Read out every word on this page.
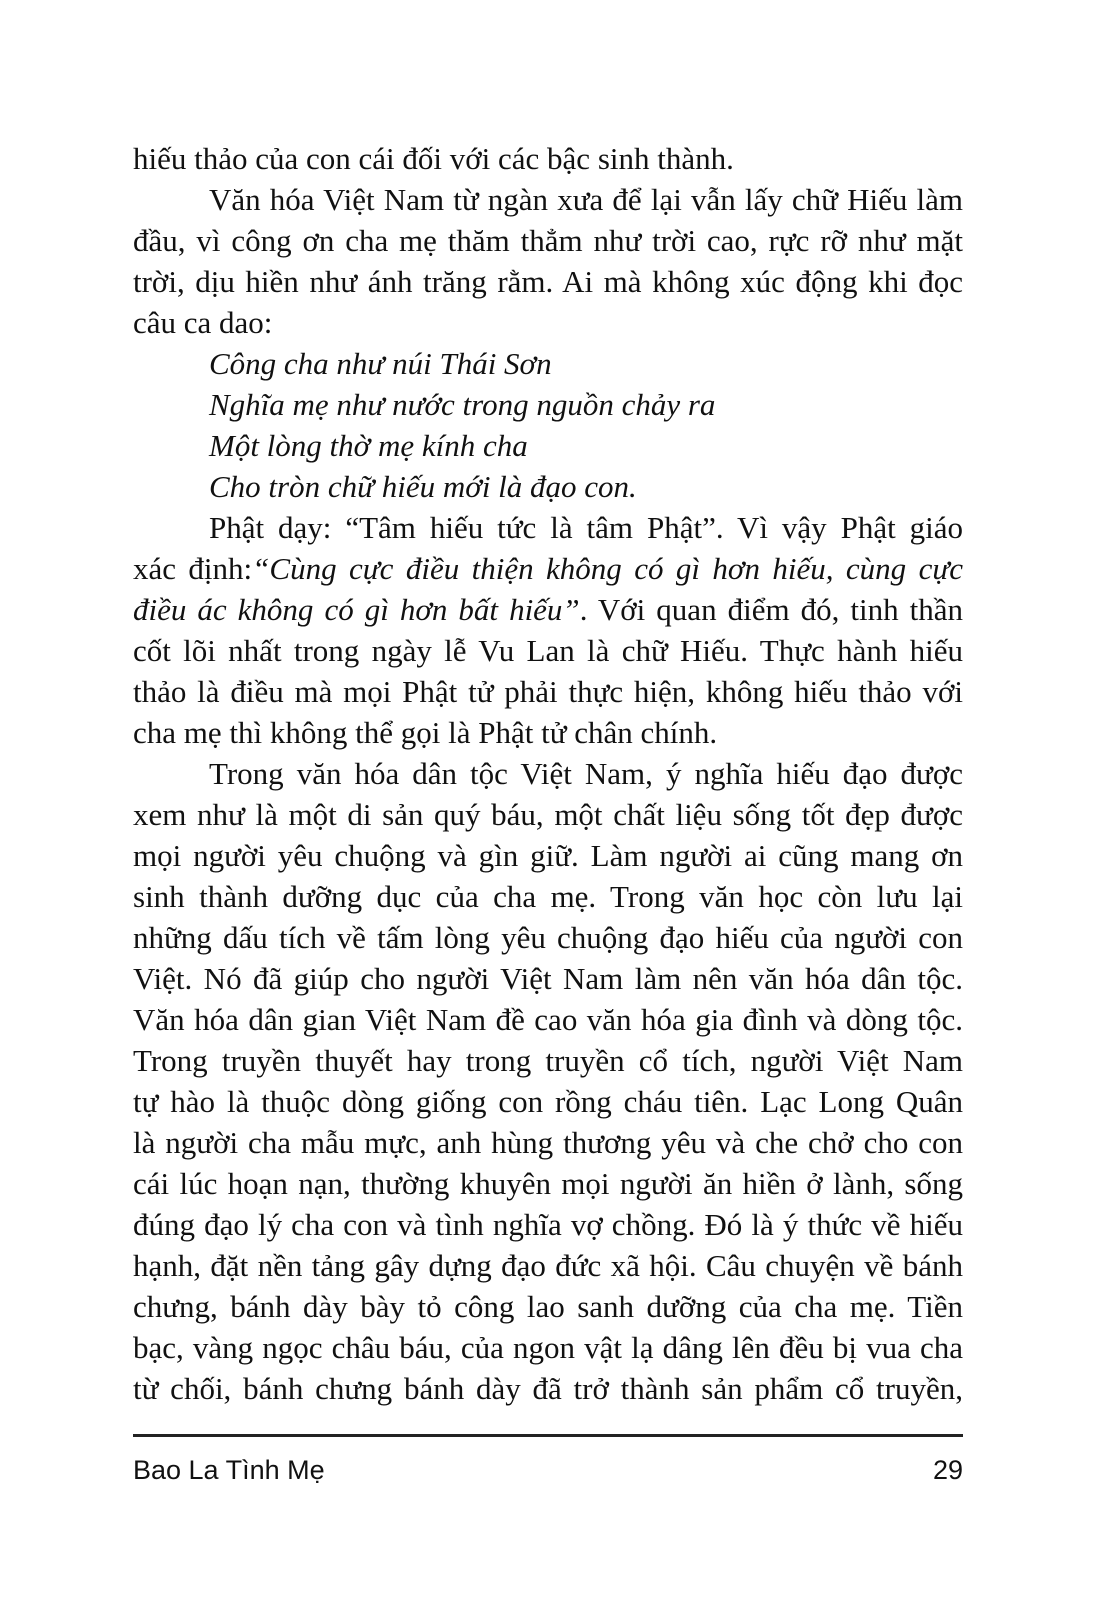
hiếu thảo của con cái đối với các bậc sinh thành.
Văn hóa Việt Nam từ ngàn xưa để lại vẫn lấy chữ Hiếu làm
đầu, vì công ơn cha mẹ thăm thẳm như trời cao, rực rỡ như mặt
trời, dịu hiền như ánh trăng rằm. Ai mà không xúc động khi đọc
câu ca dao:
Công cha như núi Thái Sơn
Nghĩa mẹ như nước trong nguồn chảy ra
Một lòng thờ mẹ kính cha
Cho tròn chữ hiếu mới là đạo con.
Phật dạy: “Tâm hiếu tức là tâm Phật”. Vì vậy Phật giáo
xác định:“Cùng cực điều thiện không có gì hơn hiếu, cùng cực
điều ác không có gì hơn bất hiếu”. Với quan điểm đó, tinh thần
cốt lõi nhất trong ngày lễ Vu Lan là chữ Hiếu. Thực hành hiếu
thảo là điều mà mọi Phật tử phải thực hiện, không hiếu thảo với
cha mẹ thì không thể gọi là Phật tử chân chính.
Trong văn hóa dân tộc Việt Nam, ý nghĩa hiếu đạo được
xem như là một di sản quý báu, một chất liệu sống tốt đẹp được
mọi người yêu chuộng và gìn giữ. Làm người ai cũng mang ơn
sinh thành dưỡng dục của cha mẹ. Trong văn học còn lưu lại
những dấu tích về tấm lòng yêu chuộng đạo hiếu của người con
Việt. Nó đã giúp cho người Việt Nam làm nên văn hóa dân tộc.
Văn hóa dân gian Việt Nam đề cao văn hóa gia đình và dòng tộc.
Trong truyền thuyết hay trong truyền cổ tích, người Việt Nam
tự hào là thuộc dòng giống con rồng cháu tiên. Lạc Long Quân
là người cha mẫu mực, anh hùng thương yêu và che chở cho con
cái lúc hoạn nạn, thường khuyên mọi người ăn hiền ở lành, sống
đúng đạo lý cha con và tình nghĩa vợ chồng. Đó là ý thức về hiếu
hạnh, đặt nền tảng gây dựng đạo đức xã hội. Câu chuyện về bánh
chưng, bánh dày bày tỏ công lao sanh dưỡng của cha mẹ. Tiền
bạc, vàng ngọc châu báu, của ngon vật lạ dâng lên đều bị vua cha
từ chối, bánh chưng bánh dày đã trở thành sản phẩm cổ truyền,
Bao La Tình Mẹ	29
